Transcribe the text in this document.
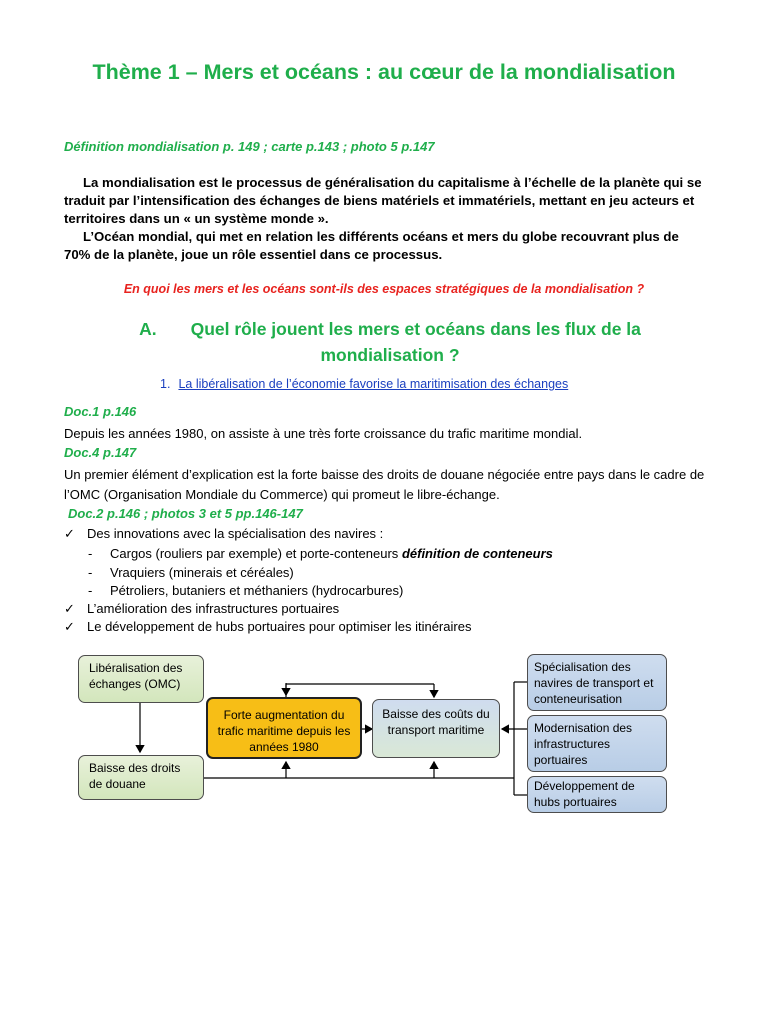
Thème 1 – Mers et océans : au cœur de la mondialisation
Définition mondialisation p. 149 ; carte p.143 ; photo 5 p.147

La mondialisation est le processus de généralisation du capitalisme à l’échelle de la planète qui se traduit par l’intensification des échanges de biens matériels et immatériels, mettant en jeu acteurs et territoires dans un « un système monde ».

L’Océan mondial, qui met en relation les différents océans et mers du globe recouvrant plus de 70% de la planète, joue un rôle essentiel dans ce processus.

En quoi les mers et les océans sont-ils des espaces stratégiques de la mondialisation ?
A. Quel rôle jouent les mers et océans dans les flux de la mondialisation ?
1. La libéralisation de l’économie favorise la maritimisation des échanges
Doc.1 p.146
Depuis les années 1980, on assiste à une très forte croissance du trafic maritime mondial.
Doc.4 p.147
Un premier élément d’explication est la forte baisse des droits de douane négociée entre pays dans le cadre de l’OMC (Organisation Mondiale du Commerce) qui promeut le libre-échange.
Doc.2 p.146 ; photos 3 et 5 pp.146-147
✓ Des innovations avec la spécialisation des navires :
- Cargos (rouliers par exemple) et porte-conteneurs définition de conteneurs
- Vraquiers (minerais et céréales)
- Pétroliers, butaniers et méthaniers (hydrocarbures)
✓ L’amélioration des infrastructures portuaires
✓ Le développement de hubs portuaires pour optimiser les itinéraires
Libéralisation des échanges (OMC)
Baisse des droits de douane
Forte augmentation du trafic maritime depuis les années 1980
Baisse des coûts du transport maritime
Spécialisation des navires de transport et conteneurisation
Modernisation des infrastructures portuaires
Développement de hubs portuaires
